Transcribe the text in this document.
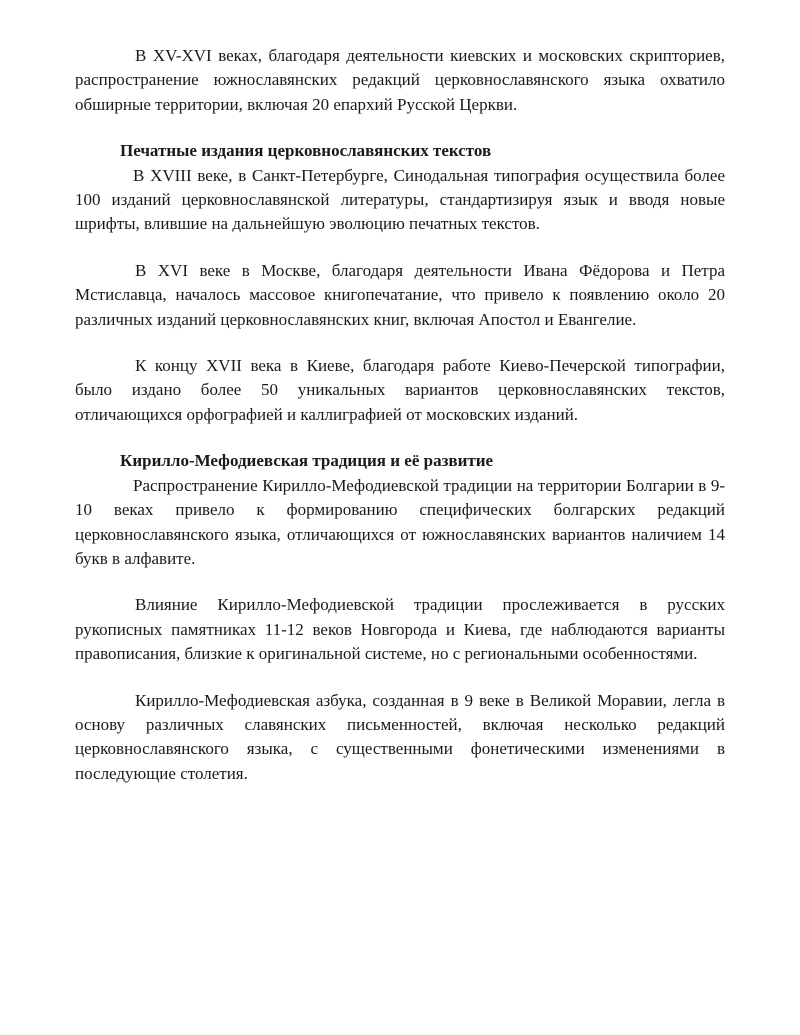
В XV-XVI веках, благодаря деятельности киевских и московских скрипториев, распространение южнославянских редакций церковнославянского языка охватило обширные территории, включая 20 епархий Русской Церкви.

Печатные издания церковнославянских текстов

В XVIII веке, в Санкт-Петербурге, Синодальная типография осуществила более 100 изданий церковнославянской литературы, стандартизируя язык и вводя новые шрифты, влившие на дальнейшую эволюцию печатных текстов.

В XVI веке в Москве, благодаря деятельности Ивана Фёдорова и Петра Мстиславца, началось массовое книгопечатание, что привело к появлению около 20 различных изданий церковнославянских книг, включая Апостол и Евангелие.

К концу XVII века в Киеве, благодаря работе Киево-Печерской типографии, было издано более 50 уникальных вариантов церковнославянских текстов, отличающихся орфографией и каллиграфией от московских изданий.

Кирилло-Мефодиевская традиция и её развитие

Распространение Кирилло-Мефодиевской традиции на территории Болгарии в 9-10 веках привело к формированию специфических болгарских редакций церковнославянского языка, отличающихся от южнославянских вариантов наличием 14 букв в алфавите.

Влияние Кирилло-Мефодиевской традиции прослеживается в русских рукописных памятниках 11-12 веков Новгорода и Киева, где наблюдаются варианты правописания, близкие к оригинальной системе, но с региональными особенностями.

Кирилло-Мефодиевская азбука, созданная в 9 веке в Великой Моравии, легла в основу различных славянских письменностей, включая несколько редакций церковнославянского языка, с существенными фонетическими изменениями в последующие столетия.
